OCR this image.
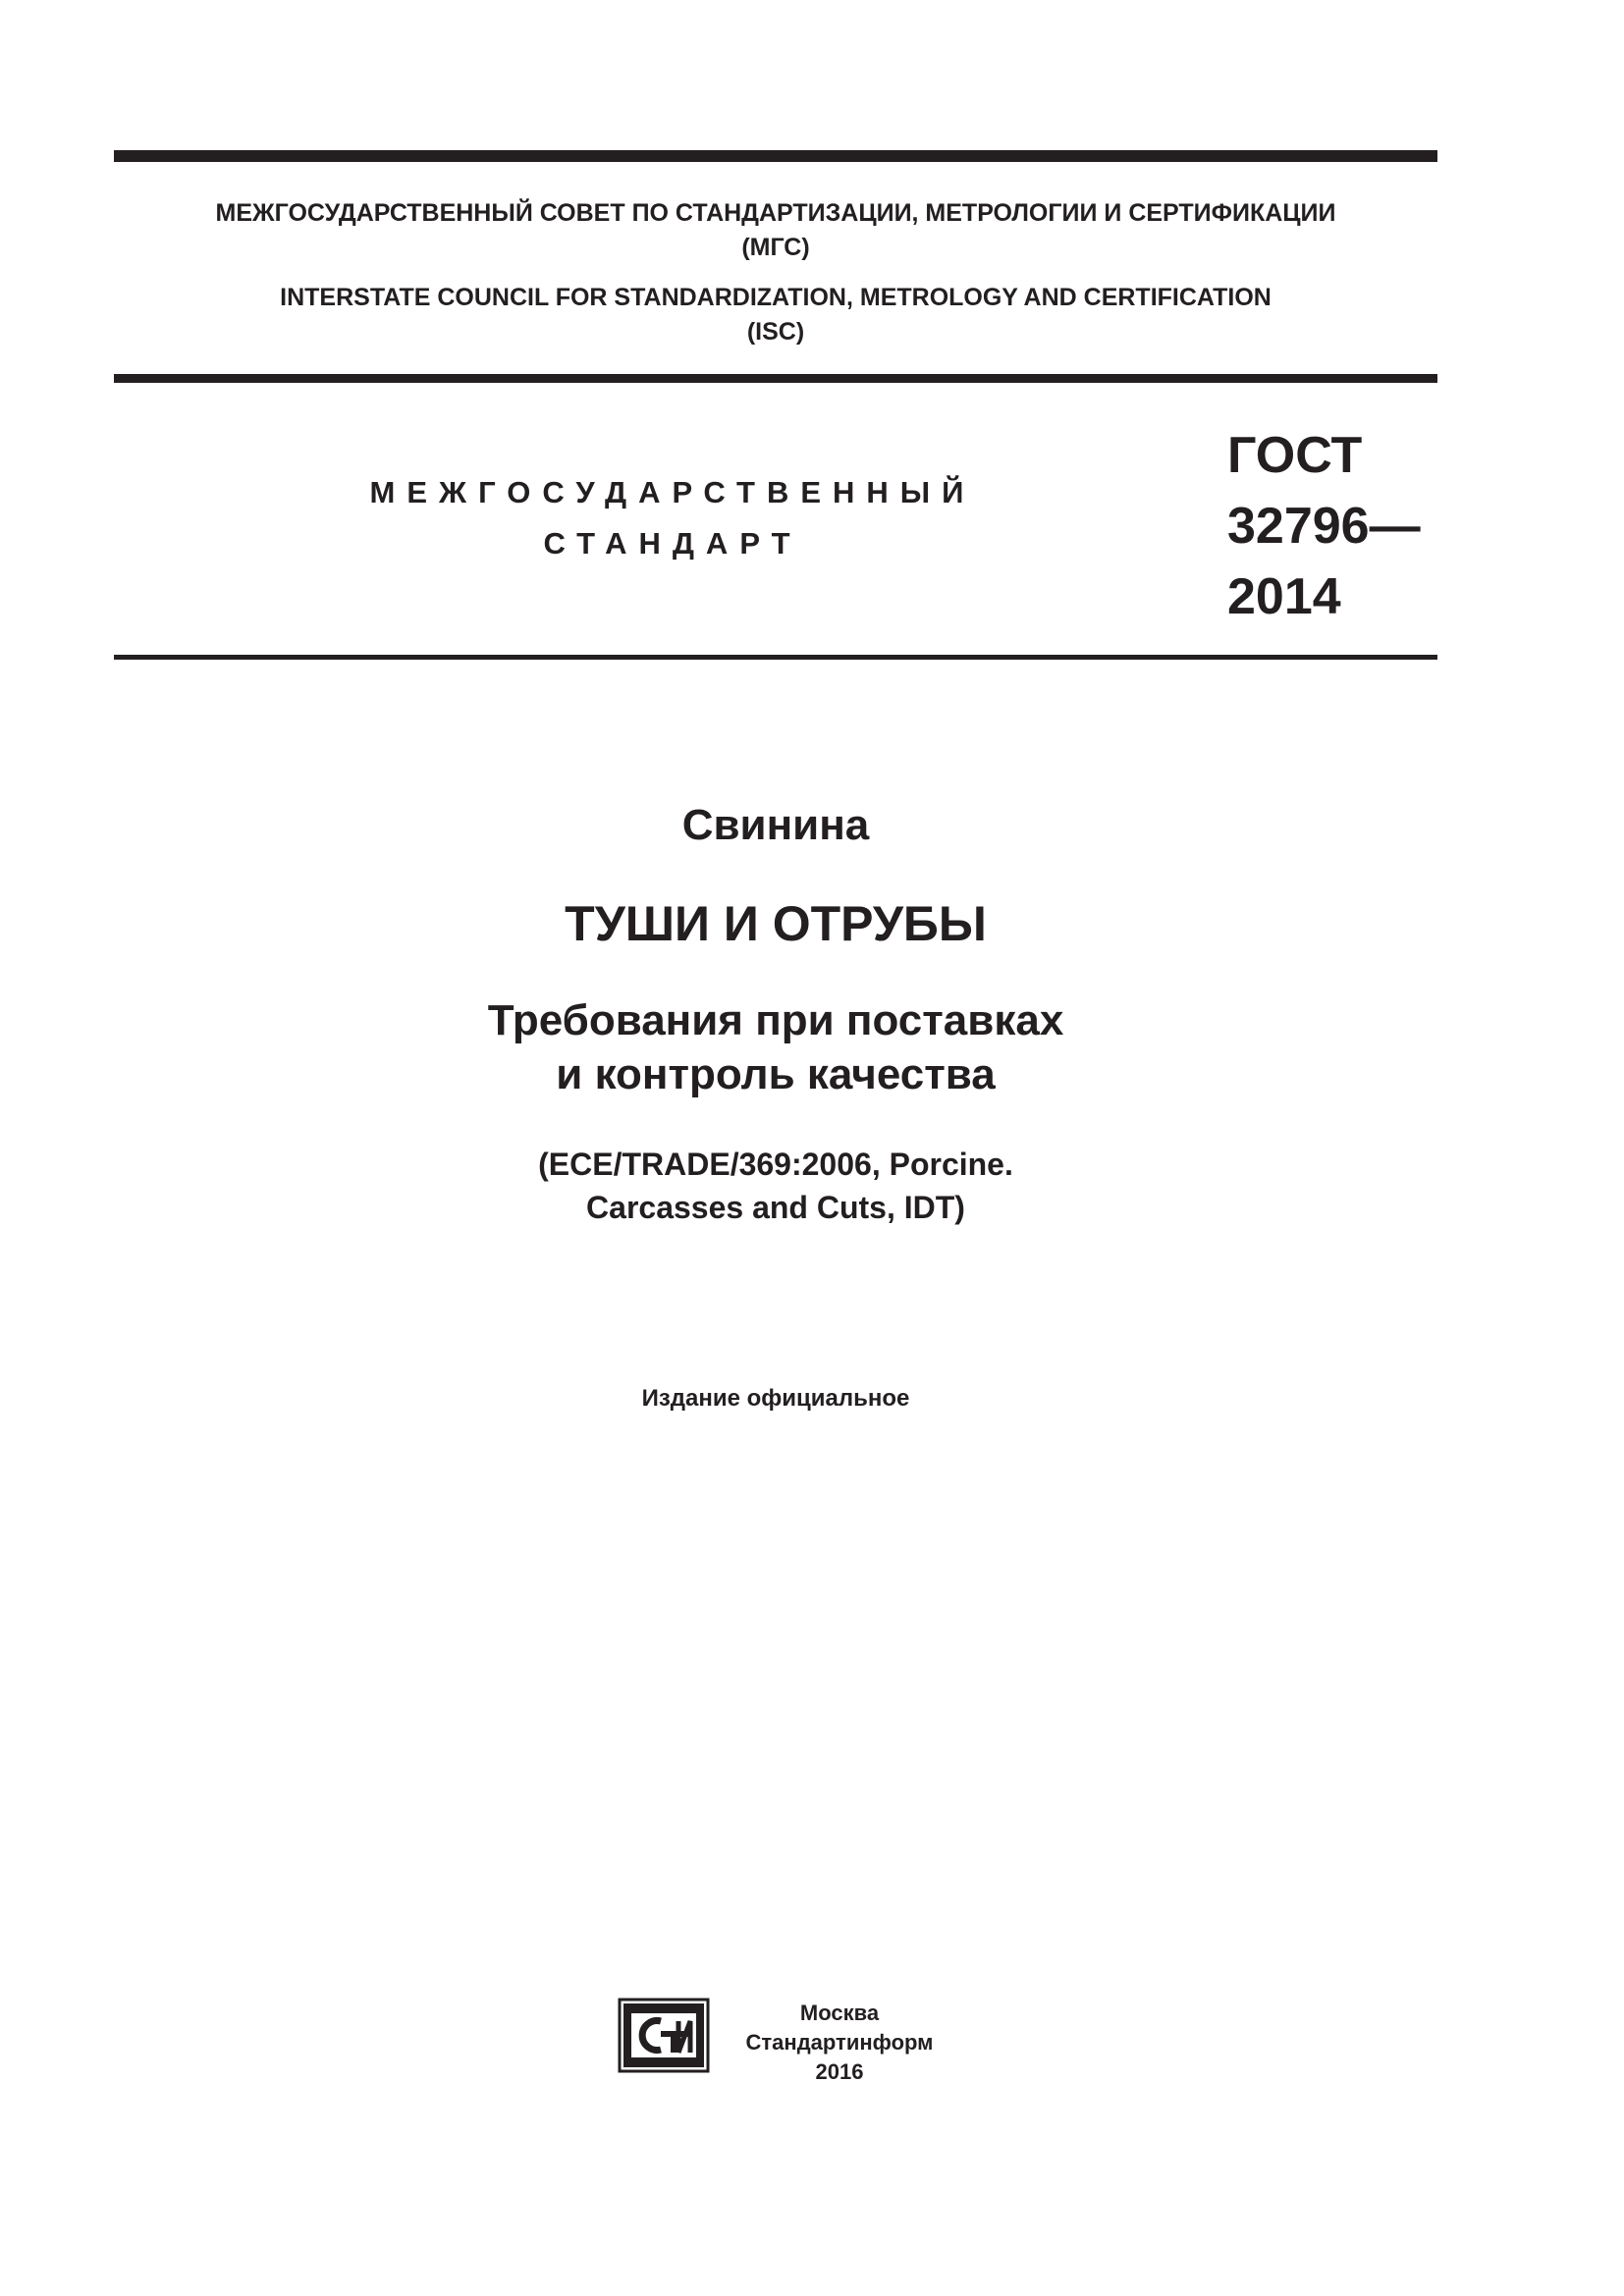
МЕЖГОСУДАРСТВЕННЫЙ СОВЕТ ПО СТАНДАРТИЗАЦИИ, МЕТРОЛОГИИ И СЕРТИФИКАЦИИ
(МГС)
INTERSTATE COUNCIL FOR STANDARDIZATION, METROLOGY AND CERTIFICATION
(ISC)
МЕЖГОСУДАРСТВЕННЫЙ
СТАНДАРТ
ГОСТ
32796—
2014
Свинина
ТУШИ И ОТРУБЫ
Требования при поставках
и контроль качества
(ECE/TRADE/369:2006, Porcine.
Carcasses and Cuts, IDT)
Издание официальное
Москва
Стандартинформ
2016
